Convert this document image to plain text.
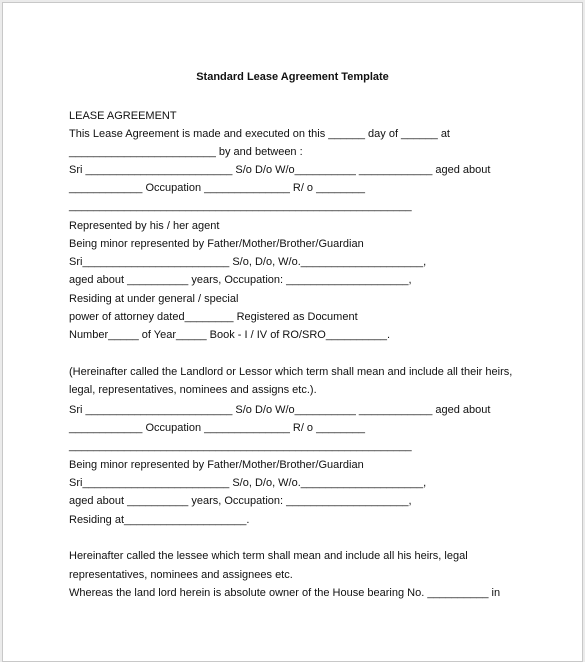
Standard Lease Agreement Template
LEASE AGREEMENT
This Lease Agreement is made and executed on this ______ day of ______ at
________________________ by and between :
Sri ________________________ S/o D/o W/o__________ ____________ aged about
____________ Occupation ______________ R/ o ________
________________________________________________________
Represented by his / her agent
Being minor represented by Father/Mother/Brother/Guardian
Sri________________________ S/o, D/o, W/o.____________________,
aged about __________ years, Occupation: ____________________,
Residing at under general / special
power of attorney dated________ Registered as Document
Number_____ of Year_____ Book - I / IV of RO/SRO__________.
(Hereinafter called the Landlord or Lessor which term shall mean and include all their heirs,
legal, representatives, nominees and assigns etc.).
Sri ________________________ S/o D/o W/o__________ ____________ aged about
____________ Occupation ______________ R/ o ________
________________________________________________________
Being minor represented by Father/Mother/Brother/Guardian
Sri________________________ S/o, D/o, W/o.____________________,
aged about __________ years, Occupation: ____________________,
Residing at____________________.
Hereinafter called the lessee which term shall mean and include all his heirs, legal
representatives, nominees and assignees etc.
Whereas the land lord herein is absolute owner of the House bearing No. __________ in
